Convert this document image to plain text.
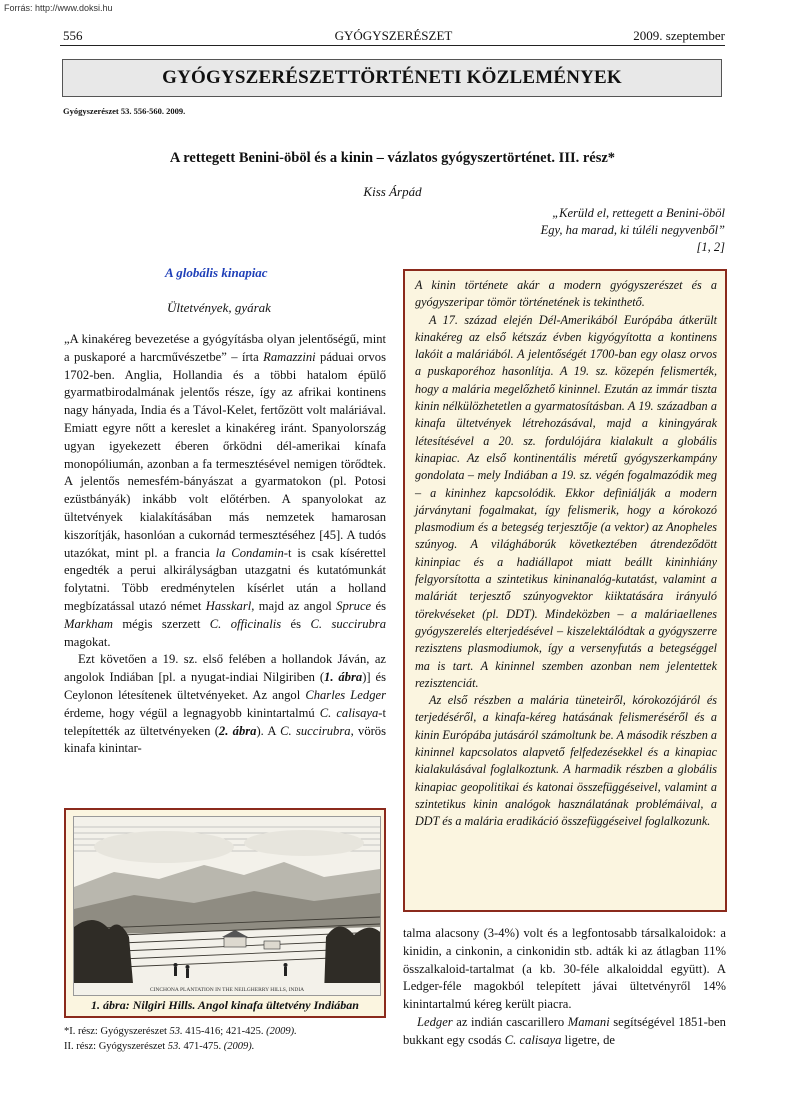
Forrás: http://www.doksi.hu
556	GYÓGYSZERÉSZET	2009. szeptember
GYÓGYSZERÉSZETTÖRTÉNETI KÖZLEMÉNYEK
Gyógyszerészet 53. 556-560. 2009.
A rettegett Benini-öböl és a kinin – vázlatos gyógyszertörténet. III. rész*
Kiss Árpád
„Kerüld el, rettegett a Benini-öböl
Egy, ha marad, ki túléli negyvenből”
[1, 2]
A globális kinapiac
Ültetvények, gyárak

„A kinakéreg bevezetése a gyógyításba olyan jelentőségű, mint a puskaporé a harcművészetbe” – írta Ramazzini páduai orvos 1702-ben. Anglia, Hollandia és a többi hatalom épülő gyarmatbirodalmának jelentős része, így az afrikai kontinens nagy hányada, India és a Távol-Kelet, fertőzött volt maláriával. Emiatt egyre nőtt a kereslet a kinakéreg iránt. Spanyolország ugyan igyekezett éberen őrködni dél-amerikai kínafa monopóliumán, azonban a fa termesztésével nemigen törődtek. A jelentős nemesfém-bányászat a gyarmatokon (pl. Potosi ezüstbányák) inkább volt előtérben. A spanyolokat az ültetvények kialakításában más nemzetek hamarosan kiszorítják, hasonlóan a cukornád termesztéséhez [45]. A tudós utazókat, mint pl. a francia la Condamin-t is csak kísérettel engedték a perui alkirályságban utazgatni és kutatómunkát folytatni. Több eredménytelen kísérlet után a holland megbízatással utazó német Hasskarl, majd az angol Spruce és Markham mégis szerzett C. officinalis és C. succirubra magokat.

Ezt követően a 19. sz. első felében a hollandok Jáván, az angolok Indiában [pl. a nyugat-indiai Nilgiriben (1. ábra)] és Ceylonon létesítenek ültetvényeket. Az angol Charles Ledger érdeme, hogy végül a legnagyobb kinintartalmú C. calisaya-t telepítették az ültetvényeken (2. ábra). A C. succirubra, vörös kinafa kinintar-

A kinin története akár a modern gyógyszerészet és a gyógyszeripar tömör történetének is tekinthető.

A 17. század elején Dél-Amerikából Európába átkerült kinakéreg az első kétszáz évben kigyógyította a kontinens lakóit a maláriából. A jelentőségét 1700-ban egy olasz orvos a puskaporéhoz hasonlítja. A 19. sz. közepén felismerték, hogy a malária megelőzhető kininnel. Ezután az immár tiszta kinin nélkülözhetetlen a gyarmatosításban. A 19. században a kinafa ültetvények létrehozásával, majd a kiningyárak létesítésével a 20. sz. fordulójára kialakult a globális kinapiac. Az első kontinentális méretű gyógyszerkampány gondolata – mely Indiában a 19. sz. végén fogalmazódik meg – a kininhez kapcsolódik. Ekkor definiálják a modern járványtani fogalmakat, így felismerik, hogy a kórokozó plasmodium és a betegség terjesztője (a vektor) az Anopheles szúnyog. A világháborúk következtében átrendeződött kininpiac és a hadiállapot miatt beállt kininhiány felgyorsította a szintetikus kininanalóg-kutatást, valamint a maláriát terjesztő szúnyogvektor kiiktatására irányuló törekvéseket (pl. DDT). Mindeközben – a maláriaellenes gyógyszerelés elterjedésével – kiszelektálódtak a gyógyszerre rezisztens plasmodiumok, így a versenyfutás a betegséggel ma is tart. A kininnel szemben azonban nem jelentettek rezisztenciát.

Az első részben a malária tüneteiről, kórokozójáról és terjedéséről, a kinafa-kéreg hatásának felismeréséről és a kinin Európába jutásáról számoltunk be. A második részben a kininnel kapcsolatos alapvető felfedezésekkel és a kinapiac kialakulásával foglalkoztunk. A harmadik részben a globális kinapiac geopolitikai és katonai összefüggéseivel, valamint a szintetikus kinin analógok használatának problémáival, a DDT és a malária eradikáció összefüggéseivel foglalkozunk.

CINCHONA PLANTATION IN THE NEILGHERRY HILLS, INDIA
1. ábra: Nilgiri Hills. Angol kinafa ültetvény Indiában

talma alacsony (3-4%) volt és a legfontosabb társalkaloidok: a kinidin, a cinkonin, a cinkonidin stb. adták ki az átlagban 11% összalkaloid-tartalmat (a kb. 30-féle alkaloiddal együtt). A Ledger-féle magokból telepített jávai ültetvényről 14% kinintartalmú kéreg került piacra.

Ledger az indián cascarillero Mamani segítségével 1851-ben bukkant egy csodás C. calisaya ligetre, de

*I. rész: Gyógyszerészet 53. 415-416; 421-425. (2009).
II. rész: Gyógyszerészet 53. 471-475. (2009).
